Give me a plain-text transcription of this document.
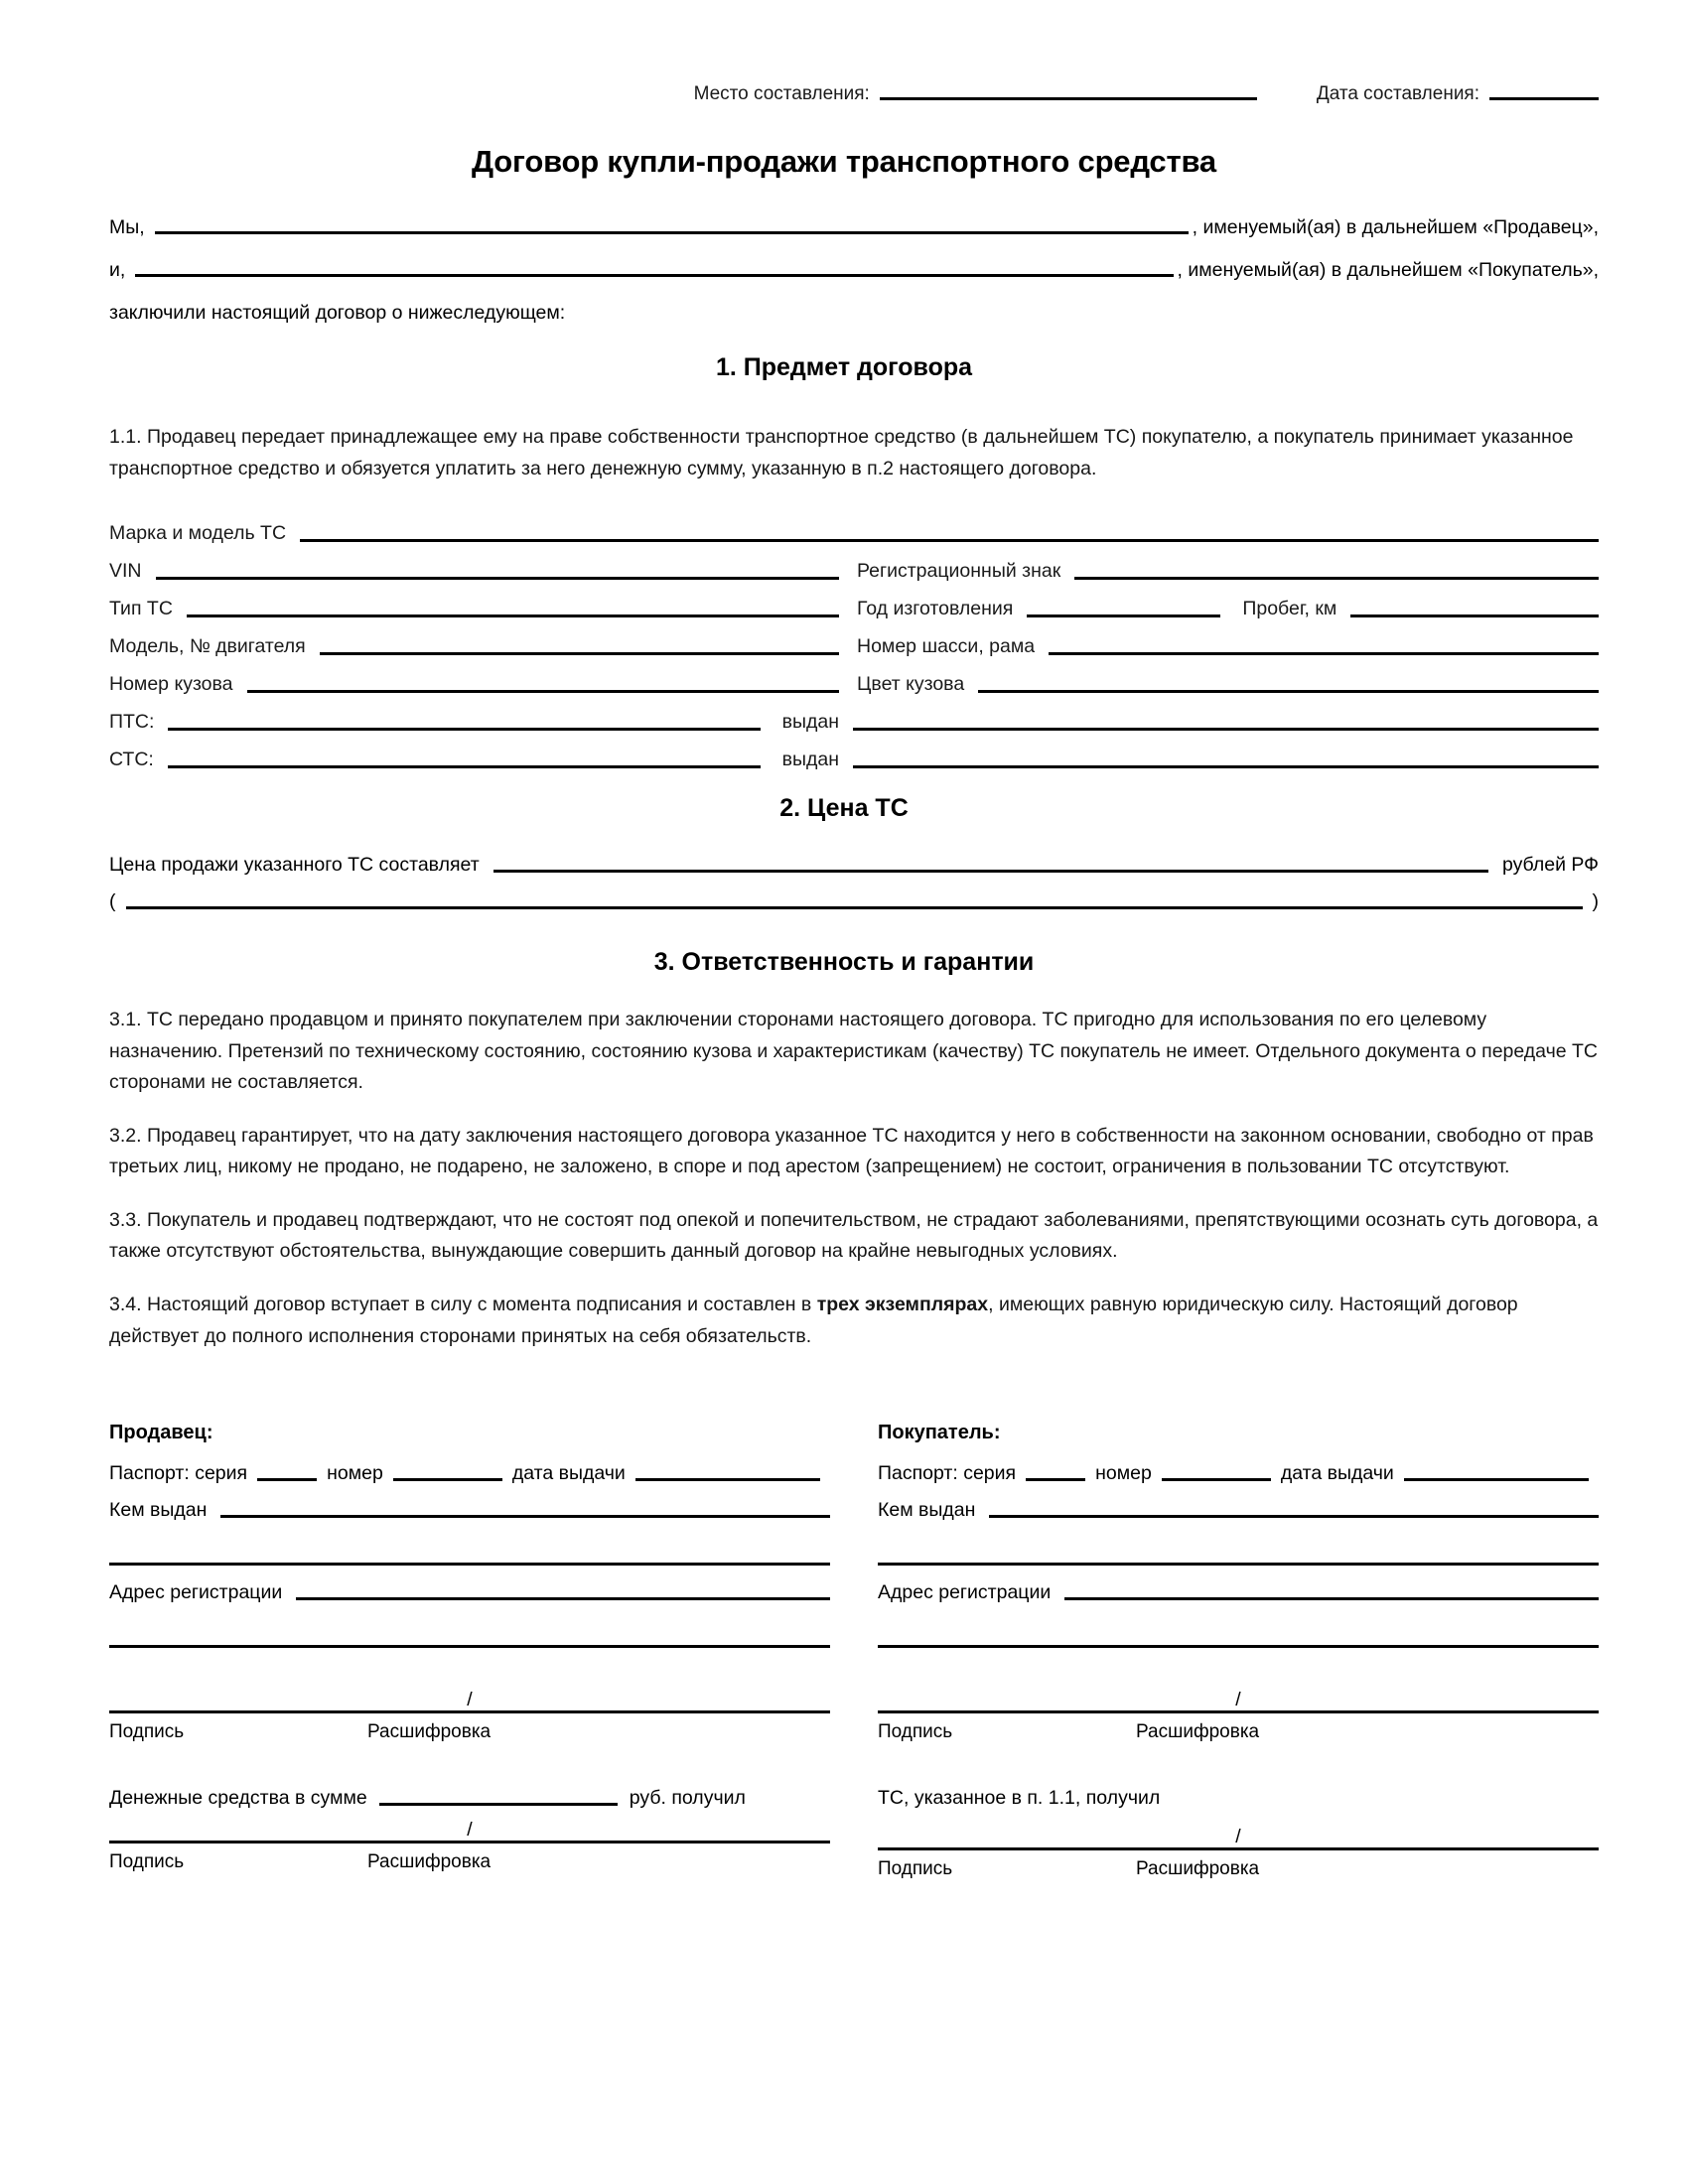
Место составления:	Дата составления:
Договор купли-продажи транспортного средства
Мы,	, именуемый(ая) в дальнейшем «Продавец»,
и,	, именуемый(ая) в дальнейшем «Покупатель»,
заключили настоящий договор о нижеследующем:
1. Предмет договора

1.1. Продавец передает принадлежащее ему на праве собственности транспортное средство (в дальнейшем ТС) покупателю, а покупатель принимает указанное транспортное средство и обязуется уплатить за него денежную сумму, указанную в п.2 настоящего договора.

Марка и модель ТС
VIN	Регистрационный знак
Тип ТС	Год изготовления	Пробег, км
Модель, № двигателя	Номер шасси, рама
Номер кузова	Цвет кузова
ПТС:	выдан
СТС:	выдан
2. Цена ТС
Цена продажи указанного ТС составляет	рублей РФ
(	)
3. Ответственность и гарантии

3.1. ТС передано продавцом и принято покупателем при заключении сторонами настоящего договора. ТС пригодно для использования по его целевому назначению. Претензий по техническому состоянию, состоянию кузова и характеристикам (качеству) ТС покупатель не имеет. Отдельного документа о передаче ТС сторонами не составляется.

3.2. Продавец гарантирует, что на дату заключения настоящего договора указанное ТС находится у него в собственности на законном основании, свободно от прав третьих лиц, никому не продано, не подарено, не заложено, в споре и под арестом (запрещением) не состоит, ограничения в пользовании ТС отсутствуют.

3.3. Покупатель и продавец подтверждают, что не состоят под опекой и попечительством, не страдают заболеваниями, препятствующими осознать суть договора, а также отсутствуют обстоятельства, вынуждающие совершить данный договор на крайне невыгодных условиях.

3.4. Настоящий договор вступает в силу с момента подписания и составлен в трех экземплярах, имеющих равную юридическую силу. Настоящий договор действует до полного исполнения сторонами принятых на себя обязательств.

Продавец:
Паспорт: серия	номер	дата выдачи
Кем выдан
Адрес регистрации
/
Подпись	Расшифровка
Денежные средства в сумме	руб. получил
/
Подпись	Расшифровка
Покупатель:
Паспорт: серия	номер	дата выдачи
Кем выдан
Адрес регистрации
/
Подпись	Расшифровка
ТС, указанное в п. 1.1, получил
/
Подпись	Расшифровка
